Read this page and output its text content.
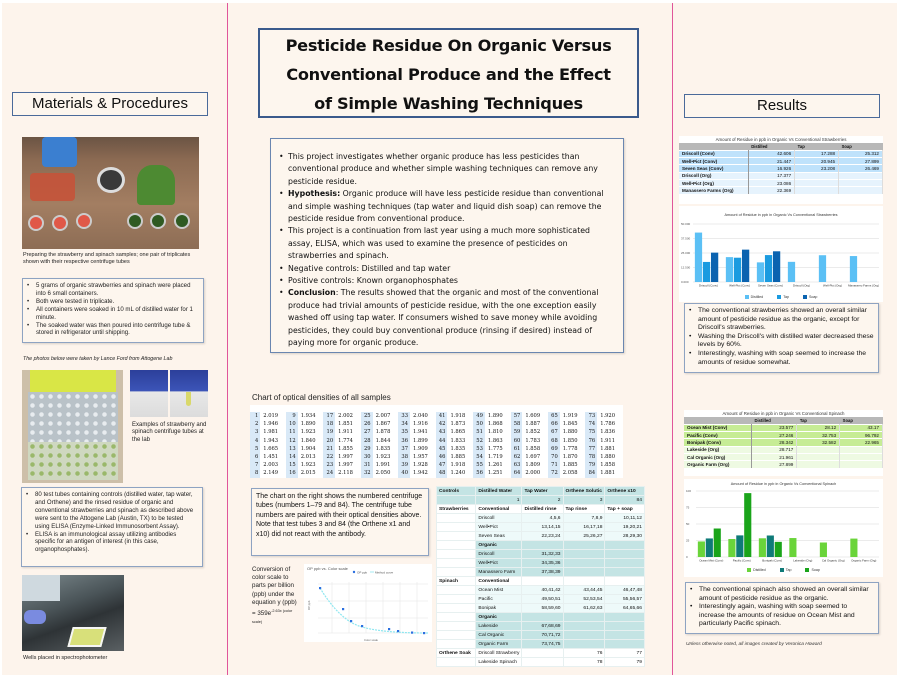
Materials & Procedures
Preparing the strawberry and spinach samples; one pair of triplicates shown with their respective centrifuge tubes
• 5 grams of organic strawberries and spinach were placed into 6 small containers.
• Both were tested in triplicate.
• All containers were soaked in 10 mL of distilled water for 1 minute.
• The soaked water was then poured into centrifuge tube & stored in refrigerator until shipping.
The photos below were taken by Lance Ford from Attogene Lab
Examples of strawberry and spinach centrifuge tubes at the lab
• 80 test tubes containing controls (distilled water, tap water, and Orthene) and the rinsed residue of organic and conventional strawberries and spinach as described above were sent to the Attogene Lab (Austin, TX) to be tested using ELISA (Enzyme-Linked Immunosorbent Assay).
• ELISA is an immunological assay utilizing antibodies specific for an antigen of interest (in this case, organophosphates).
Wells placed in spectrophotometer
Pesticide Residue On Organic Versus
Conventional Produce and the Effect
of Simple Washing Techniques
• This project investigates whether organic produce has less pesticides than conventional produce and whether simple washing techniques can remove any pesticide residue.
• Hypothesis: Organic produce will have less pesticide residue than conventional and simple washing techniques (tap water and liquid dish soap) can remove the pesticide residue from conventional produce.
• This project is a continuation from last year using a much more sophisticated assay, ELISA, which was used to examine the presence of pesticides on strawberries and spinach.
• Negative controls: Distilled and tap water
• Positive controls: Known organophosphates
• Conclusion: The results showed that the organic and most of the conventional produce had trivial amounts of pesticide residue, with the one exception easily washed off using tap water. If consumers wished to save money while avoiding pesticides, they could buy conventional produce (rinsing if desired) instead of paying more for organic produce.
Chart of optical densities of all samples
1	2.019	9	1.934	17	2.002	25	2.007	33	2.040	41	1.918	49	1.890	57	1.609	65	1.919	73	1.920
2	1.946	10	1.890	18	1.851	26	1.867	34	1.916	42	1.873	50	1.868	58	1.887	66	1.845	74	1.786
3	1.981	11	1.923	19	1.911	27	1.878	35	1.941	43	1.865	51	1.810	59	1.852	67	1.880	75	1.836
4	1.943	12	1.840	20	1.774	28	1.844	36	1.899	44	1.833	52	1.863	60	1.783	68	1.850	76	1.911
5	1.665	13	1.904	21	1.855	29	1.835	37	1.909	45	1.835	53	1.775	61	1.858	69	1.778	77	1.881
6	1.451	14	2.013	22	1.997	30	1.923	38	1.957	46	1.885	54	1.719	62	1.697	70	1.870	78	1.880
7	2.003	15	1.923	23	1.997	31	1.991	39	1.928	47	1.918	55	1.261	63	1.809	71	1.885	79	1.858
8	2.149	16	2.015	24	2.118	32	2.050	40	1.942	48	1.240	56	1.251	64	2.000	72	2.058	84	1.881
The chart on the right shows the numbered centrifuge tubes (numbers 1–79 and 84). The centrifuge tube numbers are paired with their optical densities above. Note that test tubes 3 and 84 (the Orthene x1 and x10) did not react with the antibody.
Conversion of color scale to parts per billion (ppb) under the equation y $(ppb) = 359e^{-2.63x (color scale)}$
OP ppb vs. Color scale
OP ppb	Method curve
Color scale
OP ppb
Controls	Distilled Water	Tap Water	Orthene Solutic	Orthene x10
	1	2	3	84
Strawberries	Conventional	Distilled rinse	Tap rinse	Tap + soap
	Driscoll	4,5,6	7,8,9	10,11,12
	Well•Pict	13,14,15	16,17,18	19,20,21
	Seven Seas	22,23,24	25,26,27	28,29,30
	Organic			
	Driscoll	31,32,33		
	Well•Pict	34,35,36		
	Manassero Farm	37,38,39		
Spinach	Conventional			
	Ocean Mist	40,41,42	43,44,45	46,47,48
	Pacific	49,50,51	52,53,54	55,56,57
	Bonipak	58,59,60	61,62,63	64,65,66
	Organic			
	Lakeside	67,68,69		
	Cal Organic	70,71,72		
	Organic Farm	73,74,75		
Orthene Soak	Driscoll Strawberry		76	77
	Lakeside Spinach		78	79
Results
Amount of Residue in ppb in Organic Vs Conventional Strawberries
	Distilled	Tap	Soap
Driscoll (Conv)	42.606	17.288	25.312
Well•Pict (Conv)	21.447	20.945	27.899
Seven Seas (Conv)	16.926	23.208	26.469
Driscoll (Org)	17.377		
Well•Pict (Org)	23.086		
Manassero Farms (Org)	22.369		
Amount of Residue in ppb in Organic Vs Conventional Strawberries
0.000
12.500
25.000
37.500
50.000
Driscoll (Conv)	Well-Pict (Conv)	Seven Seas (Conv)	Driscoll (Org)	Well-Pict (Org) Manassero Farms (Org)
Distilled	Tap	Soap
• The conventional strawberries showed an overall similar amount of pesticide residue as the organic, except for Driscoll's strawberries.
• Washing the Driscoll's with distilled water decreased these levels by 60%.
• Interestingly, washing with soap seemed to increase the amounts of residue somewhat.
Amount of Residue in ppb in Organic Vs Conventional Spinach
	Distilled	Tap	Soap
Ocean Mist (Conv)	23.577	28.12	43.17
Pacific (Conv)	27.246	32.753	96.792
Bonipak (Conv)	28.342	32.582	22.965
Lakeside (Org)	28.717		
Cal Organic (Org)	21.961		
Organic Farm (Org)	27.899		
Amount of Residue in ppb in Organic Vs Conventional Spinach
0
25
50
75
100
Ocean Mist (Conv)	Pacific (Conv)	Bonipak (Conv)	Lakeside (Org)	Cal Organic (Org) Organic Farm (Org)
Distilled	Tap	Soap
• The conventional spinach also showed an overall similar amount of pesticide residue as the organic.
• Interestingly again, washing with soap seemed to increase the amounts of residue on Ocean Mist and particularly Pacific spinach.
Unless otherwise noted, all images created by Veronica Howard
